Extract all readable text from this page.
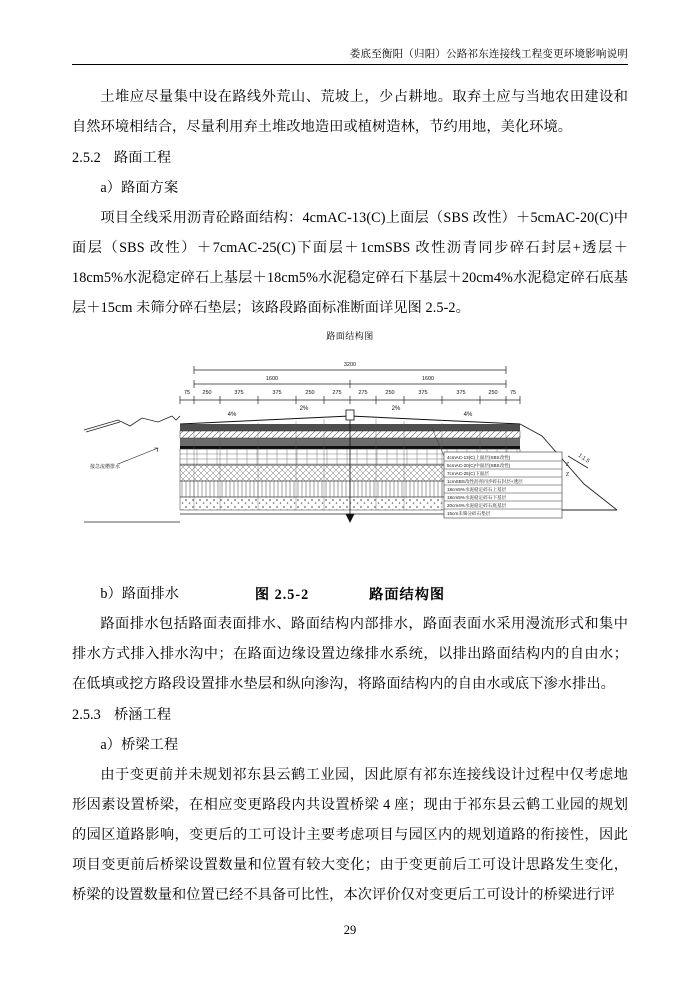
娄底至衡阳（归阳）公路祁东连接线工程变更环境影响说明

土堆应尽量集中设在路线外荒山、荒坡上，少占耕地。取弃土应与当地农田建设和自然环境相结合，尽量利用弃土堆改地造田或植树造林，节约用地，美化环境。

2.5.2 路面工程

a）路面方案

项目全线采用沥青砼路面结构：4cmAC-13(C)上面层（SBS 改性）＋5cmAC-20(C)中面层（SBS 改性）＋7cmAC-25(C)下面层＋1cmSBS 改性沥青同步碎石封层+透层＋18cm5%水泥稳定碎石上基层＋18cm5%水泥稳定碎石下基层＋20cm4%水泥稳定碎石底基层＋15cm 未筛分碎石垫层；该路段路面标准断面详见图 2.5-2。

路面结构图
3200
1600	1600
75 250	375	375	250	275	275	250	375	375	250 75
接急流槽排水
4%
2%	2%
4%
1:1.5
4cmAC-13(C)上面层(SBS改性)
5cmAC-20(C)中面层(SBS改性)
7cmAC-25(C)下面层
1cmSBS改性沥青同步碎石封层+透层
18cm5%水泥稳定碎石上基层
18cm5%水泥稳定碎石下基层
20cm4%水泥稳定碎石底基层
15cm未筛分碎石垫层
Z
Z
图 2.5-2	路面结构图

b）路面排水

路面排水包括路面表面排水、路面结构内部排水，路面表面水采用漫流形式和集中排水方式排入排水沟中；在路面边缘设置边缘排水系统，以排出路面结构内的自由水；在低填或挖方路段设置排水垫层和纵向渗沟，将路面结构内的自由水或底下渗水排出。

2.5.3 桥涵工程

a）桥梁工程

由于变更前并未规划祁东县云鹤工业园，因此原有祁东连接线设计过程中仅考虑地形因素设置桥梁，在相应变更路段内共设置桥梁 4 座；现由于祁东县云鹤工业园的规划的园区道路影响，变更后的工可设计主要考虑项目与园区内的规划道路的衔接性，因此项目变更前后桥梁设置数量和位置有较大变化；由于变更前后工可设计思路发生变化，桥梁的设置数量和位置已经不具备可比性，本次评价仅对变更后工可设计的桥梁进行评

29
